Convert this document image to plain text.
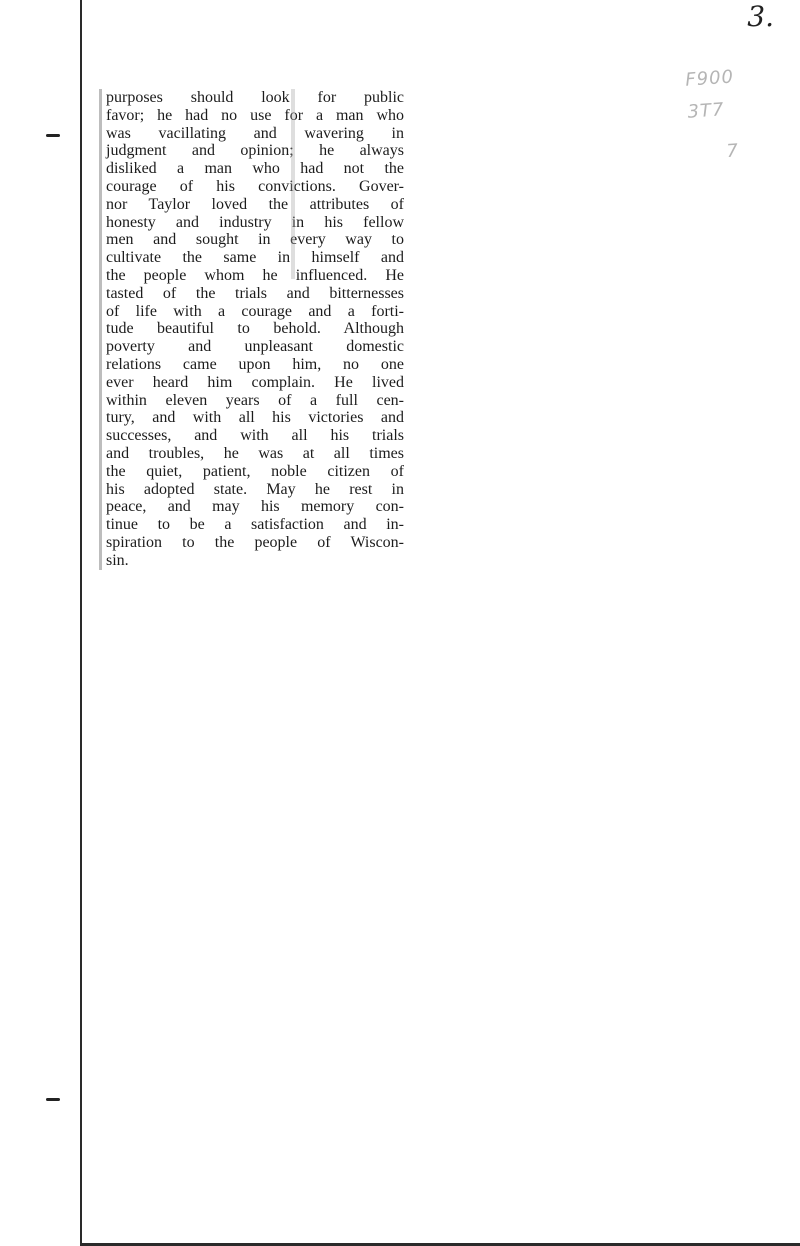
3.
F900
3T7
7
purposes should look for public
favor; he had no use for a man who
was vacillating and wavering in
judgment and opinion; he always
disliked a man who had not the
courage of his convictions. Gover-
nor Taylor loved the attributes of
honesty and industry in his fellow
men and sought in every way to
cultivate the same in himself and
the people whom he influenced. He
tasted of the trials and bitternesses
of life with a courage and a forti-
tude beautiful to behold. Although
poverty and unpleasant domestic
relations came upon him, no one
ever heard him complain. He lived
within eleven years of a full cen-
tury, and with all his victories and
successes, and with all his trials
and troubles, he was at all times
the quiet, patient, noble citizen of
his adopted state. May he rest in
peace, and may his memory con-
tinue to be a satisfaction and in-
spiration to the people of Wiscon-
sin.
